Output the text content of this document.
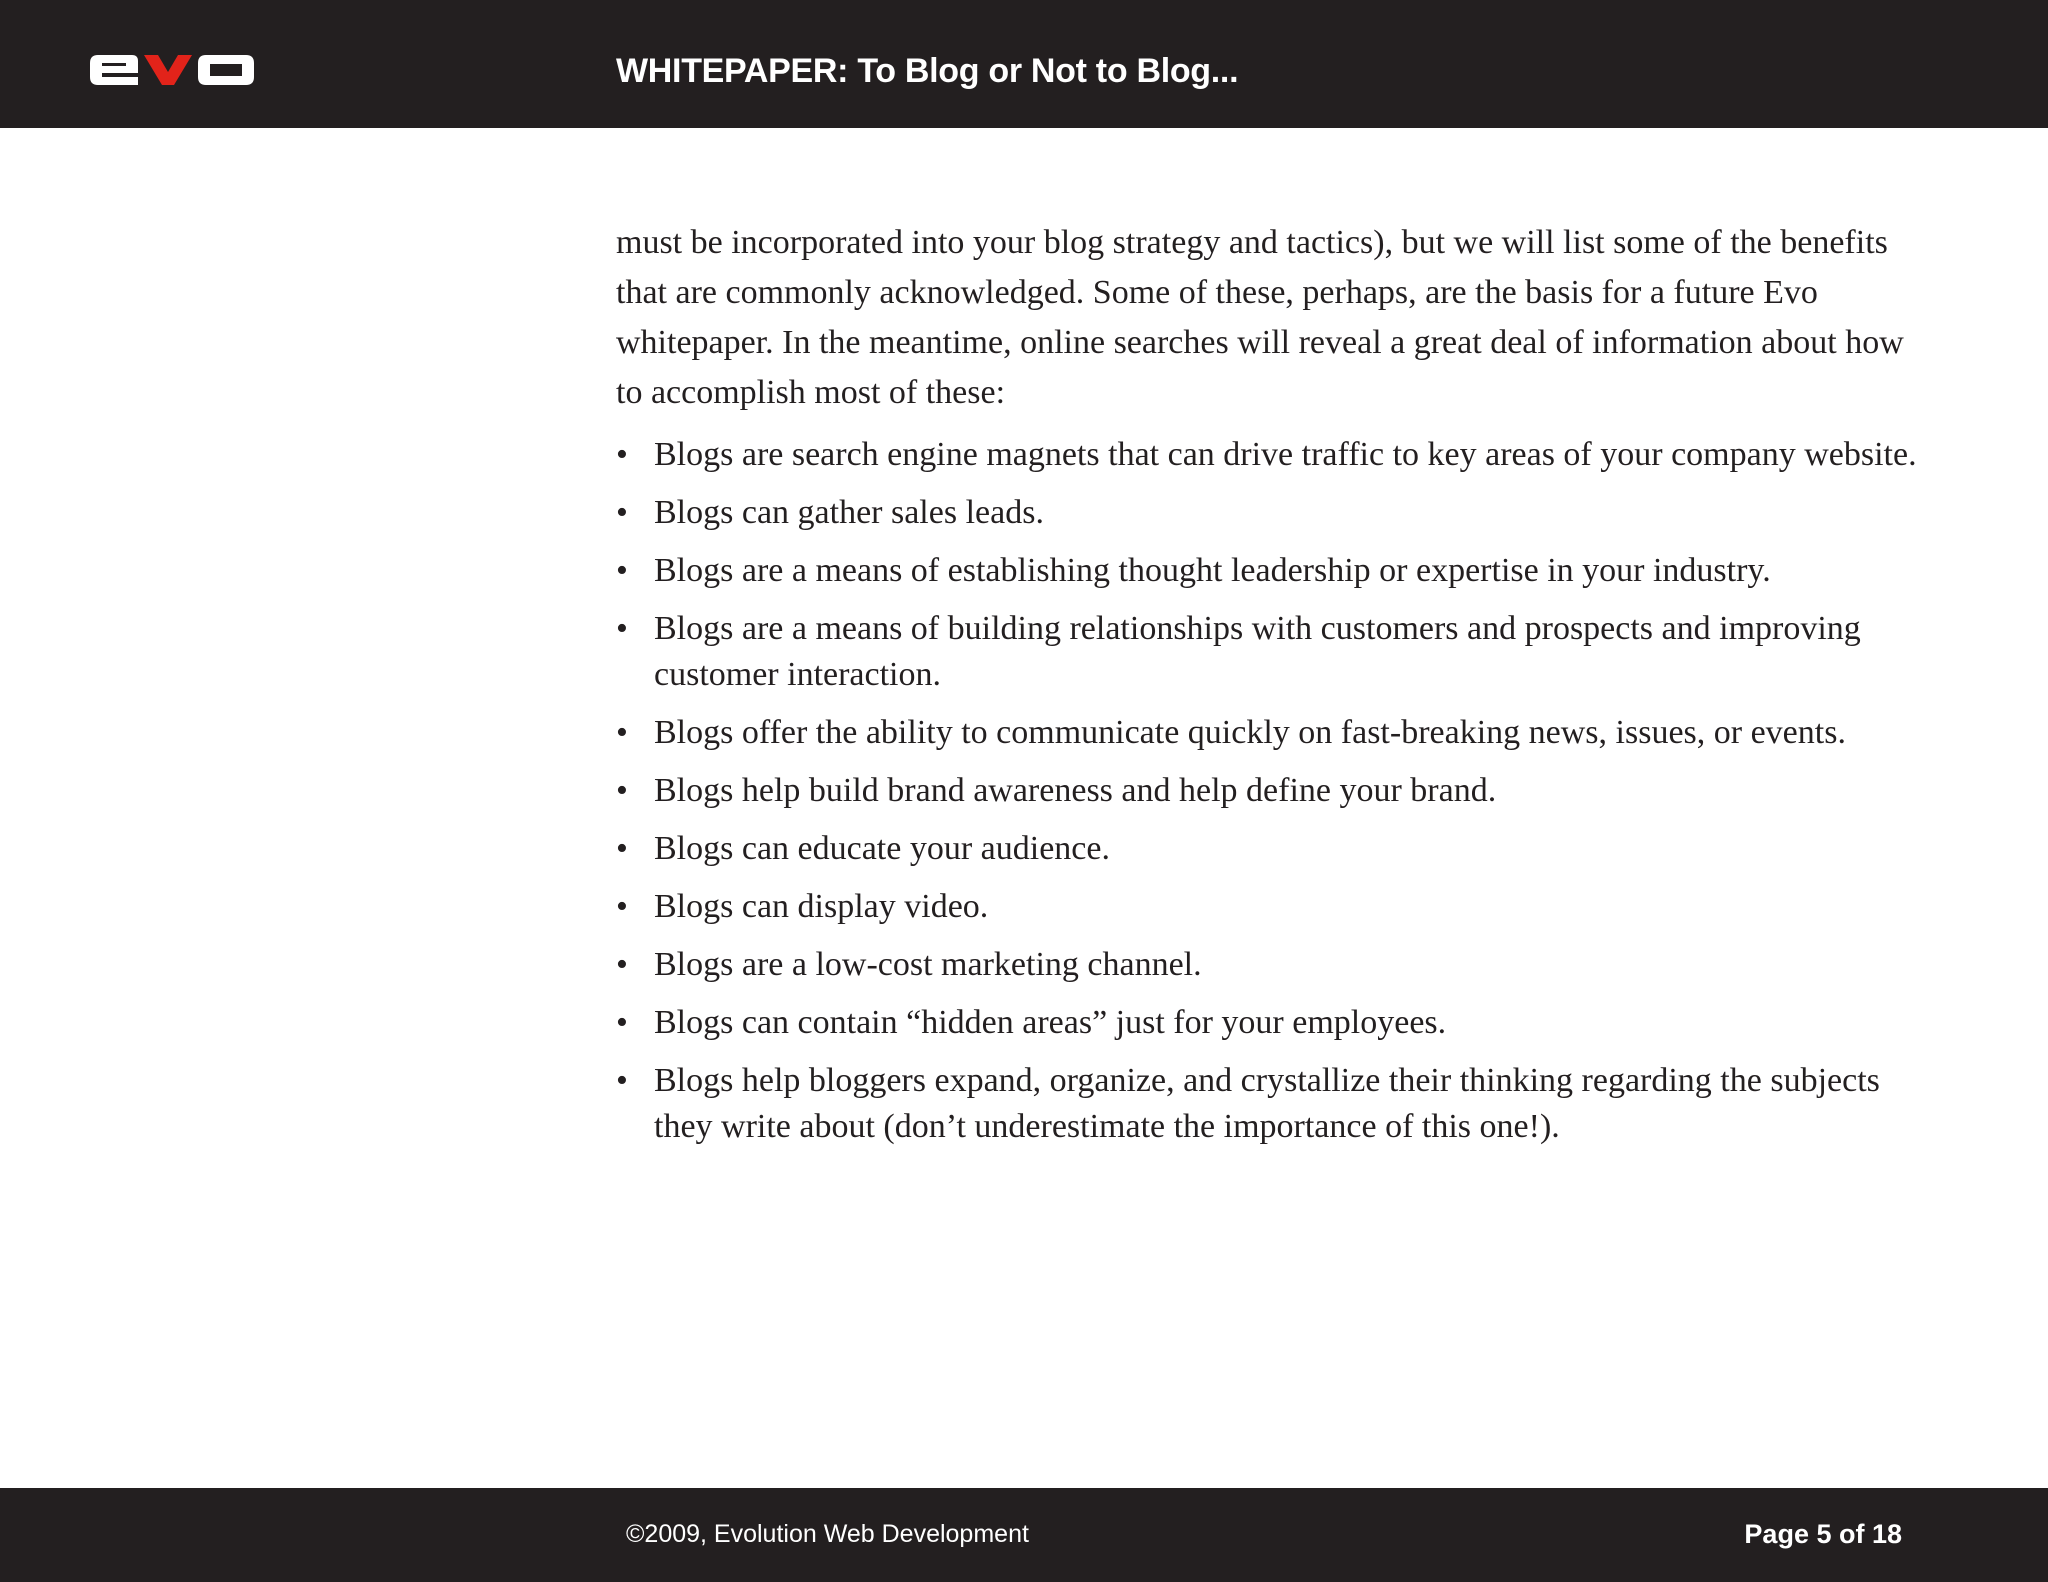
WHITEPAPER: To Blog or Not to Blog...

must be incorporated into your blog strategy and tactics), but we will list some of the benefits
that are commonly acknowledged. Some of these, perhaps, are the basis for a future Evo
whitepaper. In the meantime, online searches will reveal a great deal of information about how
to accomplish most of these:

• Blogs are search engine magnets that can drive traffic to key areas of your company website.
• Blogs can gather sales leads.
• Blogs are a means of establishing thought leadership or expertise in your industry.
• Blogs are a means of building relationships with customers and prospects and improving
customer interaction.
• Blogs offer the ability to communicate quickly on fast-breaking news, issues, or events.
• Blogs help build brand awareness and help define your brand.
• Blogs can educate your audience.
• Blogs can display video.
• Blogs are a low-cost marketing channel.
• Blogs can contain “hidden areas” just for your employees.
• Blogs help bloggers expand, organize, and crystallize their thinking regarding the subjects
they write about (don’t underestimate the importance of this one!).
©2009, Evolution Web Development	Page 5 of 18
